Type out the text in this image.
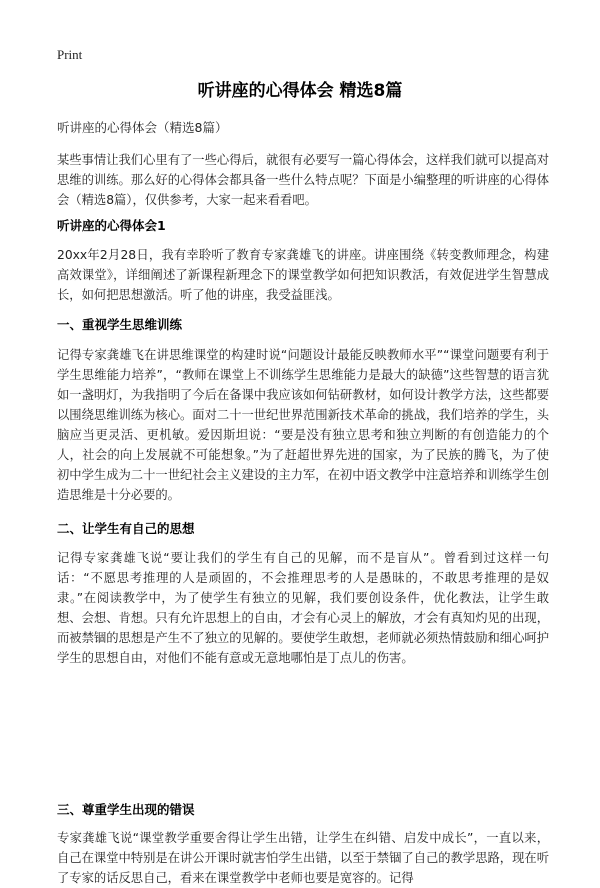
Print
听讲座的心得体会 精选8篇

听讲座的心得体会（精选8篇）

某些事情让我们心里有了一些心得后，就很有必要写一篇心得体会，这样我们就可以提高对思维的训练。那么好的心得体会都具备一些什么特点呢？下面是小编整理的听讲座的心得体会（精选8篇），仅供参考，大家一起来看看吧。

听讲座的心得体会1

20xx年2月28日，我有幸聆听了教育专家龚雄飞的讲座。讲座围绕《转变教师理念，构建高效课堂》，详细阐述了新课程新理念下的课堂教学如何把知识教活，有效促进学生智慧成长，如何把思想激活。听了他的讲座，我受益匪浅。

一、重视学生思维训练

记得专家龚雄飞在讲思维课堂的构建时说“问题设计最能反映教师水平”“课堂问题要有利于学生思维能力培养”，“教师在课堂上不训练学生思维能力是最大的缺德”这些智慧的语言犹如一盏明灯，为我指明了今后在备课中我应该如何钻研教材，如何设计教学方法，这些都要以围绕思维训练为核心。面对二十一世纪世界范围新技术革命的挑战，我们培养的学生，头脑应当更灵活、更机敏。爱因斯坦说：“要是没有独立思考和独立判断的有创造能力的个人，社会的向上发展就不可能想象。”为了赶超世界先进的国家，为了民族的腾飞，为了使初中学生成为二十一世纪社会主义建设的主力军，在初中语文教学中注意培养和训练学生创造思维是十分必要的。

二、让学生有自己的思想

记得专家龚雄飞说“要让我们的学生有自己的见解，而不是盲从”。曾看到过这样一句话：“不愿思考推理的人是顽固的，不会推理思考的人是愚昧的，不敢思考推理的是奴隶。”在阅读教学中，为了使学生有独立的见解，我们要创设条件，优化教法，让学生敢想、会想、肯想。只有允许思想上的自由，才会有心灵上的解放，才会有真知灼见的出现，而被禁锢的思想是产生不了独立的见解的。要使学生敢想，老师就必须热情鼓励和细心呵护学生的思想自由，对他们不能有意或无意地哪怕是丁点儿的伤害。

三、尊重学生出现的错误

专家龚雄飞说“课堂教学重要舍得让学生出错，让学生在纠错、启发中成长”，一直以来，自己在课堂中特别是在讲公开课时就害怕学生出错，以至于禁锢了自己的教学思路，现在听了专家的话反思自己，看来在课堂教学中老师也要是宽容的。记得
